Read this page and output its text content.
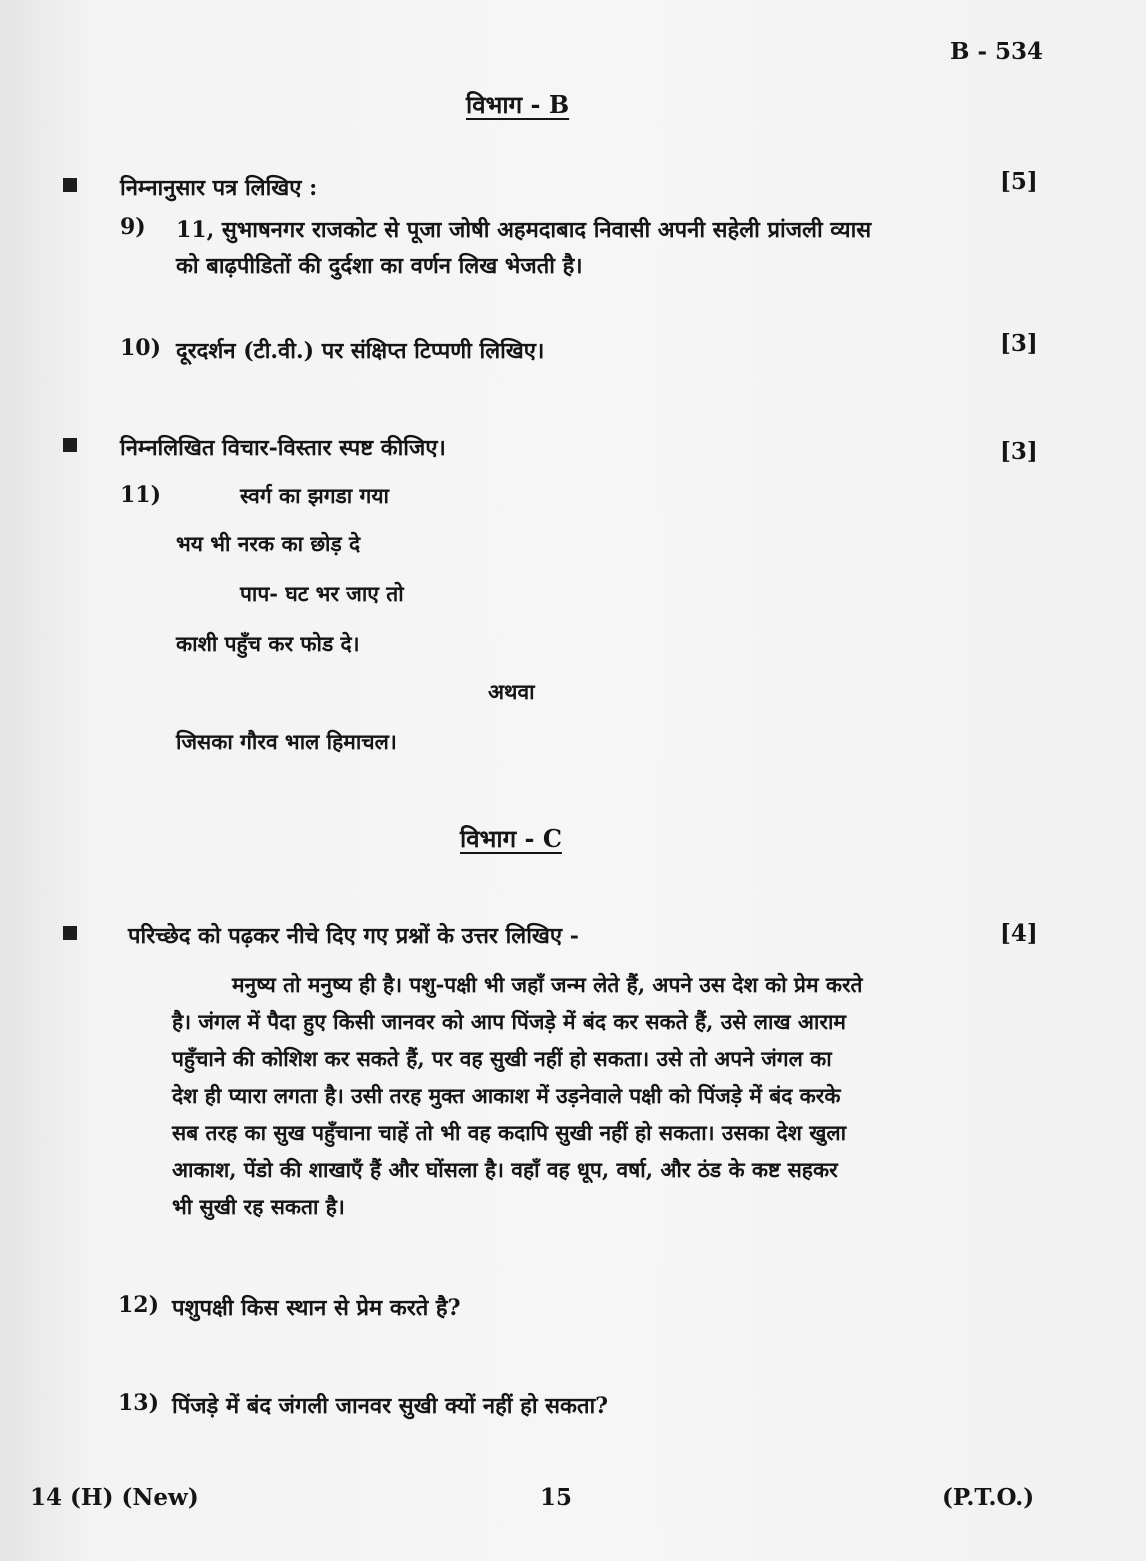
B - 534
विभाग - B
निम्नानुसार पत्र लिखिए :	[5]
9) 11, सुभाषनगर राजकोट से पूजा जोषी अहमदाबाद निवासी अपनी सहेली प्रांजली व्यास
को बाढ़पीडितों की दुर्दशा का वर्णन लिख भेजती है।
10) दूरदर्शन (टी.वी.) पर संक्षिप्त टिप्पणी लिखिए।	[3]
निम्नलिखित विचार-विस्तार स्पष्ट कीजिए।	[3]
11)	स्वर्ग का झगडा गया
भय भी नरक का छोड़ दे
पाप- घट भर जाए तो
काशी पहुँच कर फोड दे।
अथवा
जिसका गौरव भाल हिमाचल।
विभाग - C
परिच्छेद को पढ़कर नीचे दिए गए प्रश्नों के उत्तर लिखिए -	[4]
मनुष्य तो मनुष्य ही है। पशु-पक्षी भी जहाँ जन्म लेते हैं, अपने उस देश को प्रेम करते
है। जंगल में पैदा हुए किसी जानवर को आप पिंजड़े में बंद कर सकते हैं, उसे लाख आराम
पहुँचाने की कोशिश कर सकते हैं, पर वह सुखी नहीं हो सकता। उसे तो अपने जंगल का
देश ही प्यारा लगता है। उसी तरह मुक्त आकाश में उड़नेवाले पक्षी को पिंजड़े में बंद करके
सब तरह का सुख पहुँचाना चाहें तो भी वह कदापि सुखी नहीं हो सकता। उसका देश खुला
आकाश, पेंडो की शाखाएँ हैं और घोंसला है। वहाँ वह धूप, वर्षा, और ठंड के कष्ट सहकर
भी सुखी रह सकता है।
12) पशुपक्षी किस स्थान से प्रेम करते है?
13) पिंजड़े में बंद जंगली जानवर सुखी क्यों नहीं हो सकता?
14 (H) (New)	15	(P.T.O.)
